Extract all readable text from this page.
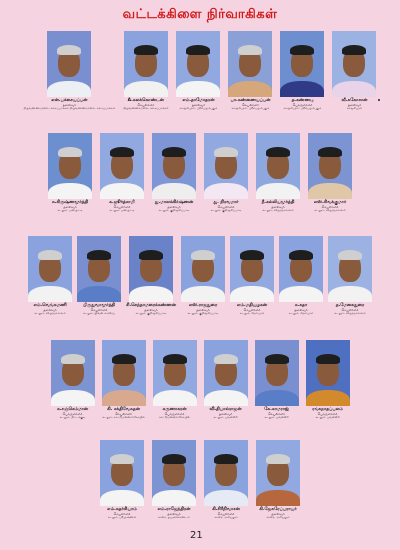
வட்டக்கிளை நிர்வாகிகள்
என்.பச்சையப்பன்
தலைவர்
திருவண்ணாமலை, கலசப்பாக்கம் திருவண்ணாமலை, கலசப்பாக்கம்
A.கலக்கொண்டன்
செயலாளர்
திருவண்ணாமலை, கலசப்பாக்கம்
எம்.தாமோதரன்
தலைவர்
காஞ்சிபுரம், ஸ்ரீபெரும்புதூர்
பா.கண்ணையப்பன்
செயலாளர்
காஞ்சிபுரம், ஸ்ரீபெரும்புதூர்
த.கண்ணபு
பொருளாளர்
காஞ்சிபுரம், ஸ்ரீபெரும்புதூர்
வீ.சுகோசான்
தலைவர்
காஞ்சிபுரம்
சு.கிருஷ்ணமூர்த்தி
தலைவர்
கடலூர், பண்ருட்டி
க.ஜூர்த்சாமி
செயலாளர்
கடலூர், பண்ருட்டி
து.மாலக்கிர்ஷ்ணன்
தலைவர்
கடலூர், குறிஞ்சிப்பாடி
து. நிரவமார்
செயலாளர்
கடலூர், குறிஞ்சிப்பாடி
நீ.கல்லியமூர்த்தி
தலைவர்
கடலூர், விருத்தாச்சலம்
எஸ்.சிவக்குமார்
செயலாளர்
கடலூர், விருத்தாச்சலம்
எம்.வெங்கமணி
தலைவர்
கடலூர், விருத்தாச்சலம்
பிருதுவாமூர்த்தி
செயலாளர்
கடலூர், ஜிவன் காவிரப்
சி.செந்தாமரைக்கண்ணன்
தலைவர்
கடலூர், குறிஞ்சிப்பாடி
எஸ்.ராஜதுரை
தலைவர்
கடலூர், குறிஞ்சிப்பாடி
எம்.மதியழகன்
செயலாளர்
கடலூர், சிதம்பரம்
க.சுதா
தலைவர்
கடலூர், சிதம்பரம்
த.மேனகதுரை
செயலாளர்
கடலூர், விருத்தாச்சலம்
க.சஞ்செம்மான்
பொருளாளர்
கடலூர், திட்டக்குடி
கி. சக்திவேசுதன்
செயலாளர்
கடலூர், காட்டுமன்னார்கோயில்
கருணாகரன்
பொருளாளர்
காட்டுமன்னார்கோயில்
வி.திபால்ராஜன்
தலைவர்
கடலூர், புவனகிரி
கே.காமராஜ்
செயலாளர்
கடலூர், புவனகிரி
ரங்கநாதப்பலம்
பொருளாளர்
கடலூர், புவனகிரி
எம்.சுதர்சியாம்
செயலாளர்
கடலூர், ஸ்ரீமுஷ்ணம்
எம்.ராஜேந்திரன்
தலைவர்
காரை, ஜயங்கொண்டம்
கி.சிரீநிவாசன்
செயலாளர்
காரை, அரியலூர்
கி.ஜேசுரேப்பராயர்
தலைவர்
காரை, அரியலூர்
21
